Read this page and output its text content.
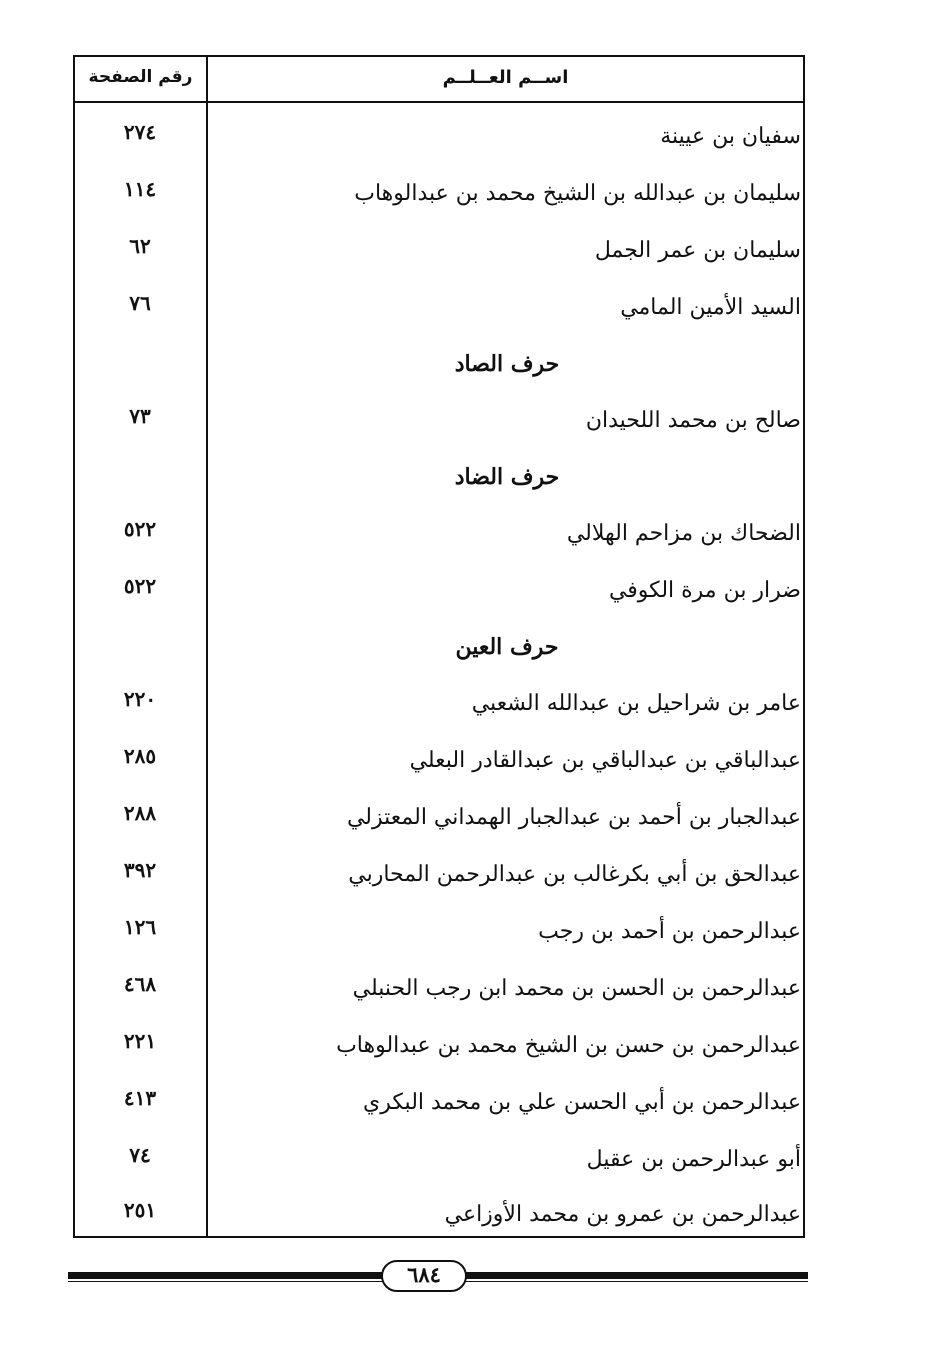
رقم الصفحة	اســم العــلــم
سفيان بن عيينة
٢٧٤
سليمان بن عبدالله بن الشيخ محمد بن عبدالوهاب
١١٤
سليمان بن عمر الجمل
٦٢
السيد الأمين المامي
٧٦
حرف الصاد
صالح بن محمد اللحيدان
٧٣
حرف الضاد
الضحاك بن مزاحم الهلالي
٥٢٢
ضرار بن مرة الكوفي
٥٢٢
حرف العين
عامر بن شراحيل بن عبدالله الشعبي
٢٢٠
عبدالباقي بن عبدالباقي بن عبدالقادر البعلي
٢٨٥
عبدالجبار بن أحمد بن عبدالجبار الهمداني المعتزلي
٢٨٨
عبدالحق بن أبي بكرغالب بن عبدالرحمن المحاربي
٣٩٢
عبدالرحمن بن أحمد بن رجب
١٢٦
عبدالرحمن بن الحسن بن محمد ابن رجب الحنبلي
٤٦٨
عبدالرحمن بن حسن بن الشيخ محمد بن عبدالوهاب
٢٢١
عبدالرحمن بن أبي الحسن علي بن محمد البكري
٤١٣
أبو عبدالرحمن بن عقيل
٧٤
عبدالرحمن بن عمرو بن محمد الأوزاعي
٢٥١
٦٨٤
